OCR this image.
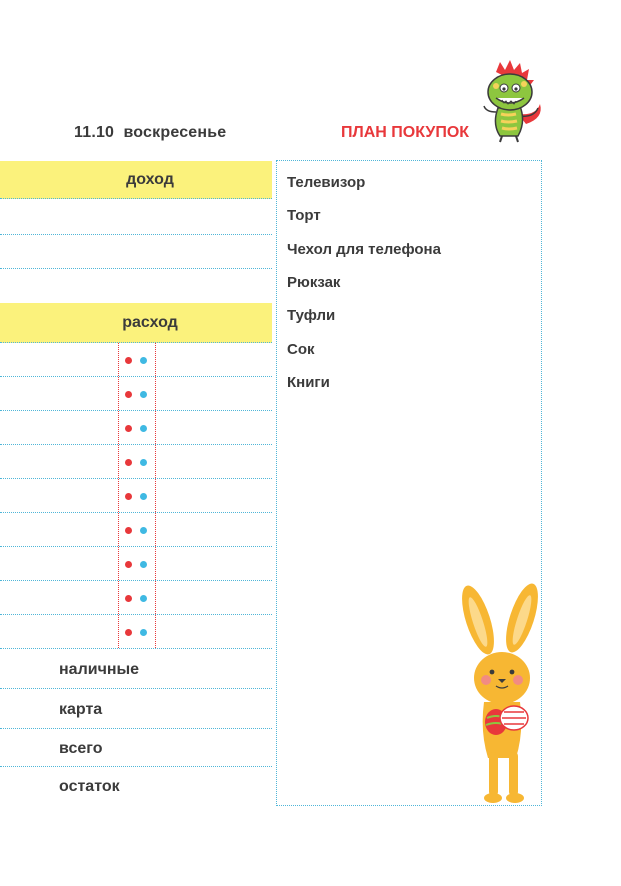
11.10 воскресенье	ПЛАН ПОКУПОК
доход
расход
наличные
карта
всего
остаток
Телевизор
Торт
Чехол для телефона
Рюкзак
Туфли
Сок
Книги
